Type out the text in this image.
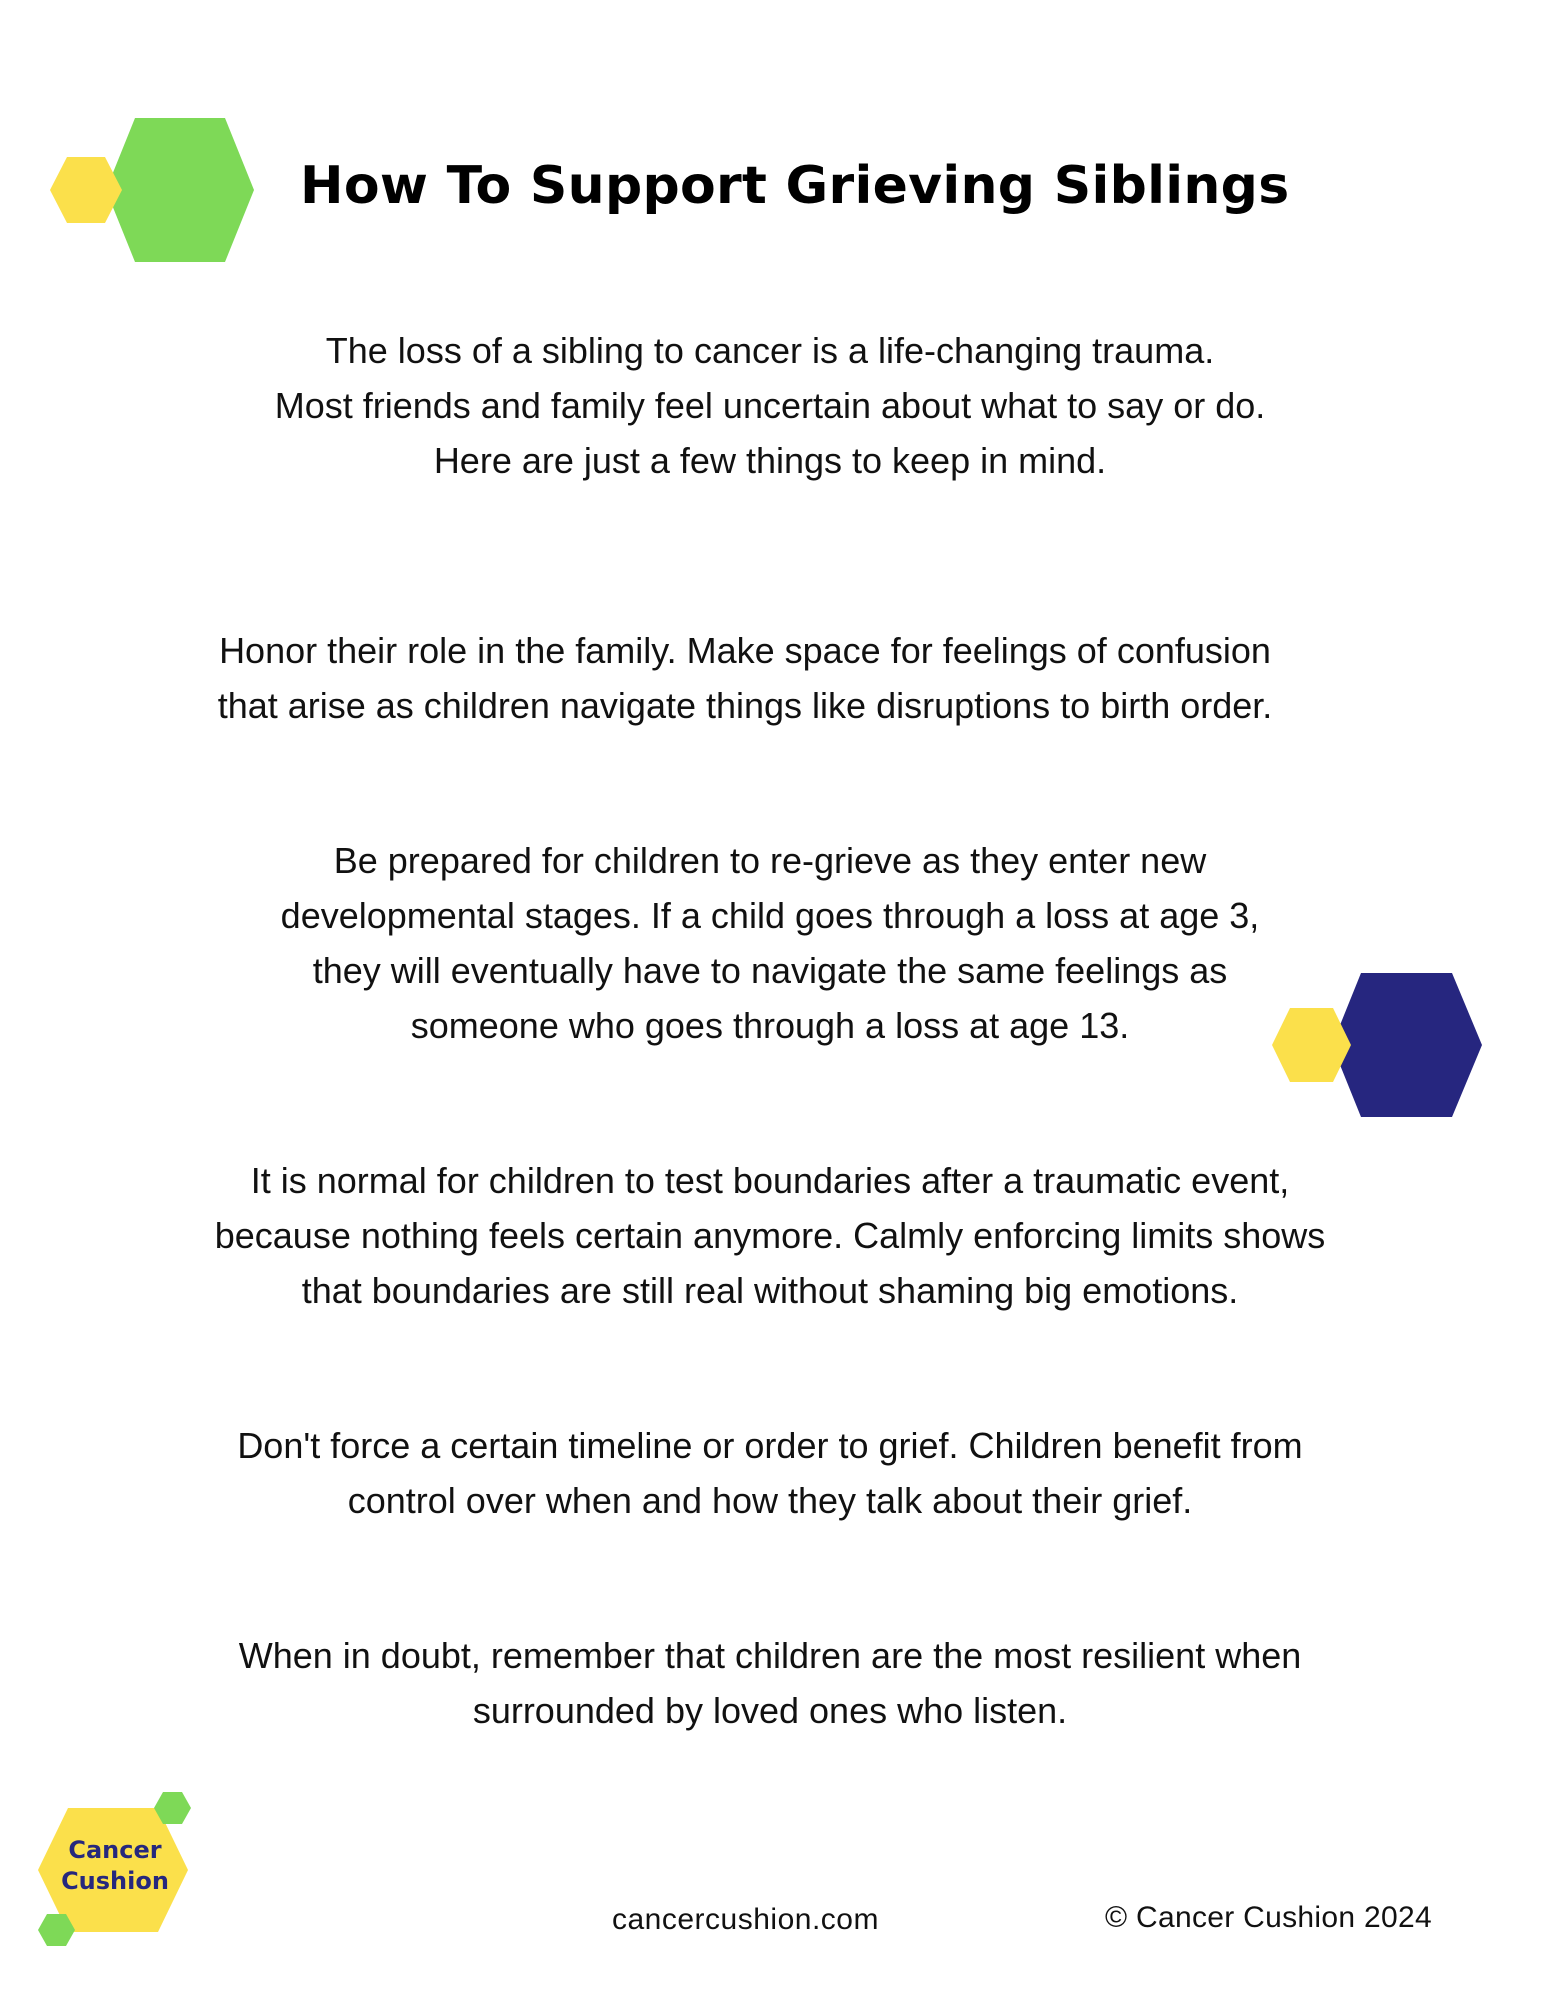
How To Support Grieving Siblings

The loss of a sibling to cancer is a life-changing trauma.
Most friends and family feel uncertain about what to say or do.
Here are just a few things to keep in mind.

Honor their role in the family. Make space for feelings of confusion
that arise as children navigate things like disruptions to birth order.

Be prepared for children to re-grieve as they enter new
developmental stages. If a child goes through a loss at age 3,
they will eventually have to navigate the same feelings as
someone who goes through a loss at age 13.

It is normal for children to test boundaries after a traumatic event,
because nothing feels certain anymore. Calmly enforcing limits shows
that boundaries are still real without shaming big emotions.

Don't force a certain timeline or order to grief. Children benefit from
control over when and how they talk about their grief.

When in doubt, remember that children are the most resilient when
surrounded by loved ones who listen.

Cancer
Cushion

cancercushion.com	© Cancer Cushion 2024
